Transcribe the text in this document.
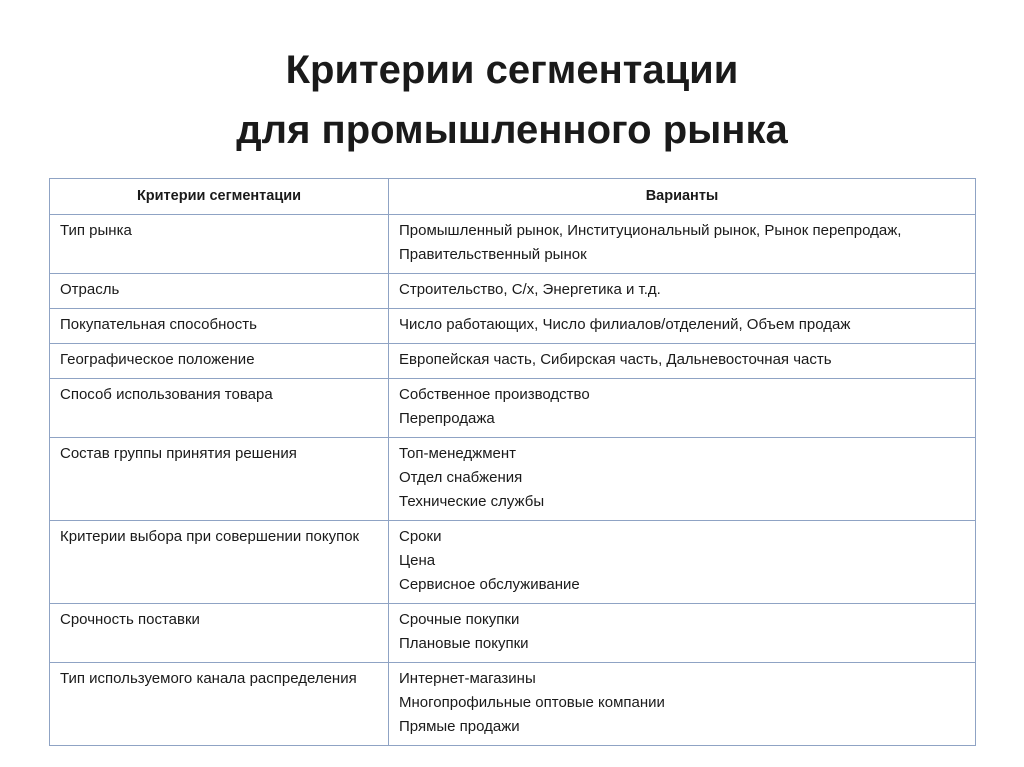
Критерии сегментации
для промышленного рынка
Критерии сегментации	Варианты
Тип рынка	Промышленный рынок, Институциональный рынок, Рынок перепродаж, Правительственный рынок

Отрасль	Строительство, С/х, Энергетика и т.д.

Покупательная способность	Число работающих, Число филиалов/отделений, Объем продаж

Географическое положение	Европейская часть, Сибирская часть, Дальневосточная часть

Способ использования товара	Собственное производство
Перепродажа

Состав группы принятия решения	Топ-менеджмент
Отдел снабжения
Технические службы

Критерии выбора при совершении покупок	Сроки
Цена
Сервисное обслуживание

Срочность поставки	Срочные покупки
Плановые покупки

Тип используемого канала распределения	Интернет-магазины
Многопрофильные оптовые компании
Прямые продажи
